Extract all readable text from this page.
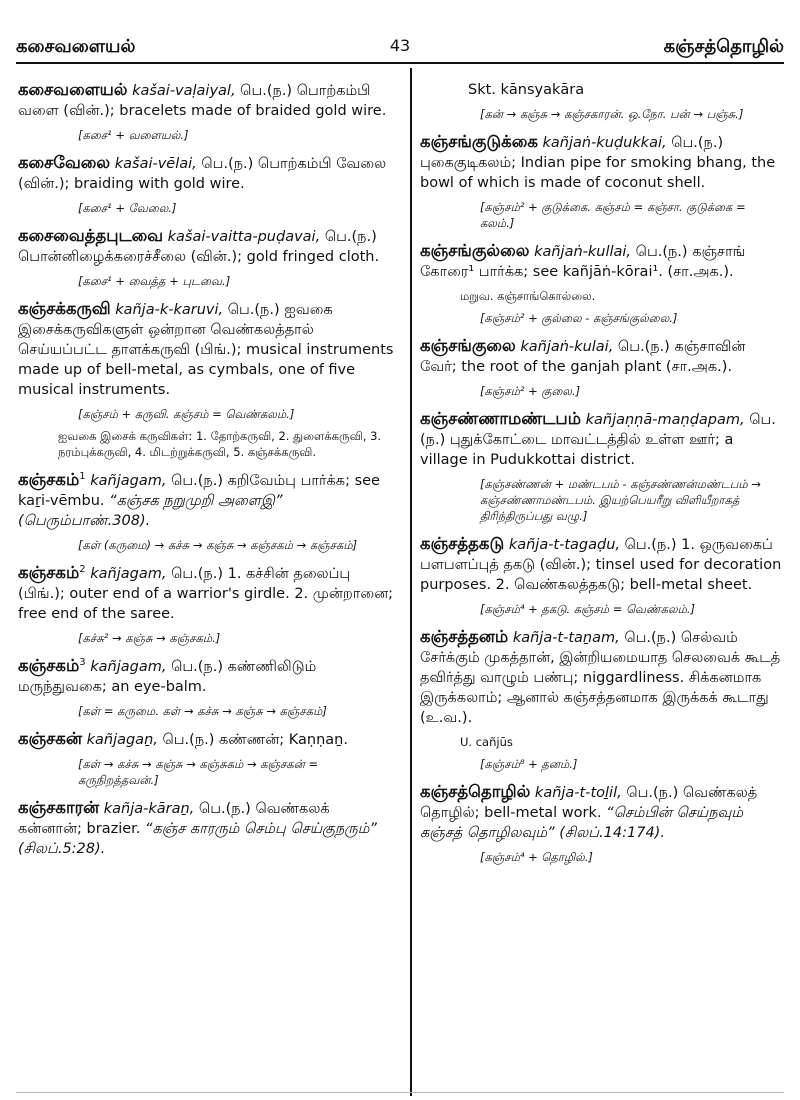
கசைவளையல்	43	கஞ்சத்தொழில்
கசைவளையல் kašai-vaḷaiyal, பெ.(ந.) பொற்கம்பி வளை (வின்.); bracelets made of braided gold wire.
[கசை¹ + வளையல்.]
கசைவேலை kašai-vēlai, பெ.(ந.) பொற்கம்பி வேலை (வின்.); braiding with gold wire.
[கசை¹ + வேலை.]
கசைவைத்தபுடவை kašai-vaitta-puḍavai, பெ.(ந.) பொன்னிழைக்கரைச்சீலை (வின்.); gold fringed cloth.
[கசை¹ + வைத்த + புடவை.]
கஞ்சக்கருவி kañja-k-karuvi, பெ.(ந.) ஐவகை இசைக்கருவிகளுள் ஒன்றான வெண்கலத்தால் செய்யப்பட்ட தாளக்கருவி (பிங்.); musical instruments made up of bell-metal, as cymbals, one of five musical instruments.
[கஞ்சம் + கருவி. கஞ்சம் = வெண்கலம்.]
ஐவகை இசைக் கருவிகள்: 1. தோற்கருவி, 2. துளைக்கருவி, 3. நரம்புக்கருவி, 4. மிடற்றுக்கருவி, 5. கஞ்சக்கருவி.
கஞ்சகம்$^1$ kañjagam, பெ.(ந.) கறிவேம்பு பார்க்க; see kaṟi-vēmbu. “கஞ்சக நறுமுறி அளைஇ” (பெரும்பாண்.308).
[கள் (கருமை) → கச்சு → கஞ்சு → கஞ்சகம் → கஞ்சகம்]
கஞ்சகம்$^2$ kañjagam, பெ.(ந.) 1. கச்சின் தலைப்பு (பிங்.); outer end of a warrior's girdle. 2. முன்றானை; free end of the saree.
[கச்சு² → கஞ்சு → கஞ்சகம்.]
கஞ்சகம்$^3$ kañjagam, பெ.(ந.) கண்ணிலிடும் மருந்துவகை; an eye-balm.
[கள் = கருமை. கள் → கச்சு → கஞ்சு → கஞ்சகம்]
கஞ்சகன் kañjagaṉ, பெ.(ந.) கண்ணன்; Kaṇṇaṉ.
[கள் → கச்சு → கஞ்சு → கஞ்சுகம் → கஞ்சகன் = கருநிறத்தவன்.]
கஞ்சகாரன் kañja-kāraṉ, பெ.(ந.) வெண்கலக் கன்னான்; brazier. “கஞ்ச காரரும் செம்பு செய்குநரும்” (சிலப்.5:28).
Skt. kānsyakāra
[கன் → கஞ்சு → கஞ்சகாரன். ஒ.நோ. பன் → பஞ்சு.]
கஞ்சங்குடுக்கை kañjaṅ-kuḍukkai, பெ.(ந.) புகைகுடிகலம்; Indian pipe for smoking bhang, the bowl of which is made of coconut shell.
[கஞ்சம்² + குடுக்கை. கஞ்சம் = கஞ்சா. குடுக்கை = கலம்.]
கஞ்சங்குல்லை kañjaṅ-kullai, பெ.(ந.) கஞ்சாங் கோரை¹ பார்க்க; see kañjāṅ-kōrai¹. (சா.அக.).
மறுவ. கஞ்சாங்கொல்லை.
[கஞ்சம்² + குல்லை - கஞ்சங்குல்லை.]
கஞ்சங்குலை kañjaṅ-kulai, பெ.(ந.) கஞ்சாவின் வேர்; the root of the ganjah plant (சா.அக.).
[கஞ்சம்² + குலை.]
கஞ்சண்ணாமண்டபம் kañjaṇṇā-maṇḍapam, பெ.(ந.) புதுக்கோட்டை மாவட்டத்தில் உள்ள ஊர்; a village in Pudukkottai district.
[கஞ்சண்ணன் + மண்டபம் - கஞ்சண்ணன்மண்டபம் → கஞ்சண்ணாமண்டபம். இயற்பெயரீறு விளியீறாகத் திரிந்திருப்பது வழு.]
கஞ்சத்தகடு kañja-t-tagaḍu, பெ.(ந.) 1. ஒருவகைப் பளபளப்புத் தகடு (வின்.); tinsel used for decoration purposes. 2. வெண்கலத்தகடு; bell-metal sheet.
[கஞ்சம்⁴ + தகடு. கஞ்சம் = வெண்கலம்.]
கஞ்சத்தனம் kañja-t-taṉam, பெ.(ந.) செல்வம் சேர்க்கும் முகத்தான், இன்றியமையாத செலவைக் கூடத் தவிர்த்து வாழும் பண்பு; niggardliness. சிக்கனமாக இருக்கலாம்; ஆனால் கஞ்சத்தனமாக இருக்கக் கூடாது (உ.வ.).
U. cañjūs
[கஞ்சம்⁸ + தனம்.]
கஞ்சத்தொழில் kañja-t-toḻil, பெ.(ந.) வெண்கலத் தொழில்; bell-metal work. “செம்பின் செய்நவும் கஞ்சத் தொழிலவும்” (சிலப்.14:174).
[கஞ்சம்⁴ + தொழில்.]
